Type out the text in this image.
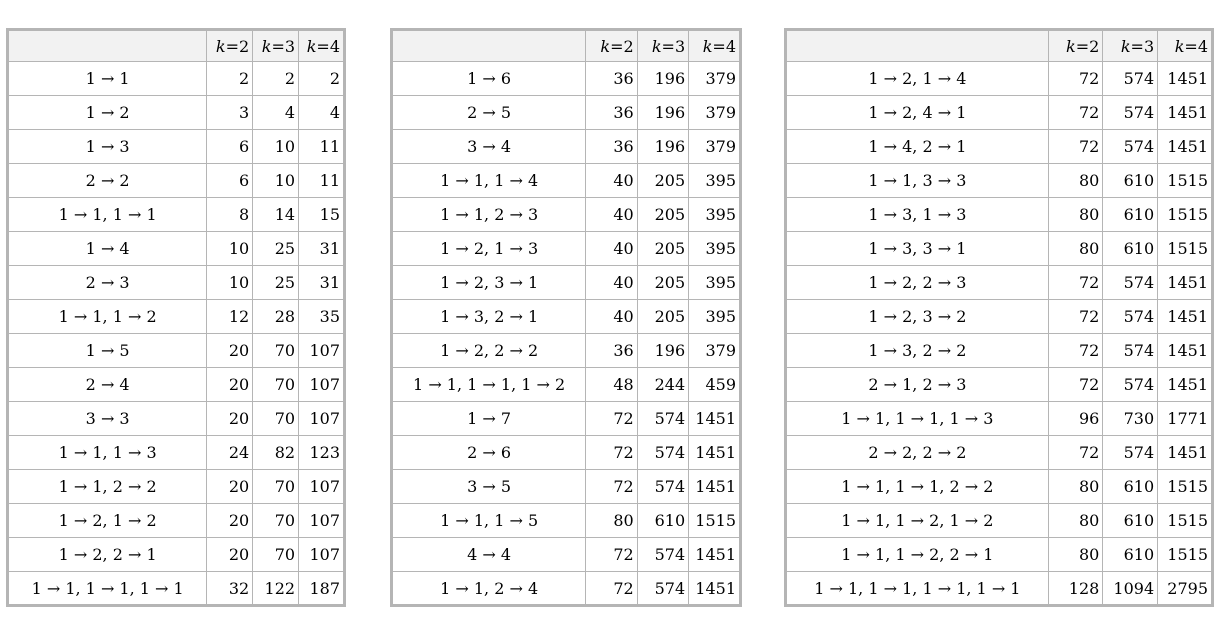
	k=2	k=3	k=4
1 → 1	2	2	2
1 → 2	3	4	4
1 → 3	6	10	11
2 → 2	6	10	11
1 → 1, 1 → 1	8	14	15
1 → 4	10	25	31
2 → 3	10	25	31
1 → 1, 1 → 2	12	28	35
1 → 5	20	70	107
2 → 4	20	70	107
3 → 3	20	70	107
1 → 1, 1 → 3	24	82	123
1 → 1, 2 → 2	20	70	107
1 → 2, 1 → 2	20	70	107
1 → 2, 2 → 1	20	70	107
1 → 1, 1 → 1, 1 → 1	32	122	187
	k=2	k=3	k=4
1 → 6	36	196	379
2 → 5	36	196	379
3 → 4	36	196	379
1 → 1, 1 → 4	40	205	395
1 → 1, 2 → 3	40	205	395
1 → 2, 1 → 3	40	205	395
1 → 2, 3 → 1	40	205	395
1 → 3, 2 → 1	40	205	395
1 → 2, 2 → 2	36	196	379
1 → 1, 1 → 1, 1 → 2	48	244	459
1 → 7	72	574	1451
2 → 6	72	574	1451
3 → 5	72	574	1451
1 → 1, 1 → 5	80	610	1515
4 → 4	72	574	1451
1 → 1, 2 → 4	72	574	1451
	k=2	k=3	k=4
1 → 2, 1 → 4	72	574	1451
1 → 2, 4 → 1	72	574	1451
1 → 4, 2 → 1	72	574	1451
1 → 1, 3 → 3	80	610	1515
1 → 3, 1 → 3	80	610	1515
1 → 3, 3 → 1	80	610	1515
1 → 2, 2 → 3	72	574	1451
1 → 2, 3 → 2	72	574	1451
1 → 3, 2 → 2	72	574	1451
2 → 1, 2 → 3	72	574	1451
1 → 1, 1 → 1, 1 → 3	96	730	1771
2 → 2, 2 → 2	72	574	1451
1 → 1, 1 → 1, 2 → 2	80	610	1515
1 → 1, 1 → 2, 1 → 2	80	610	1515
1 → 1, 1 → 2, 2 → 1	80	610	1515
1 → 1, 1 → 1, 1 → 1, 1 → 1	128	1094	2795
